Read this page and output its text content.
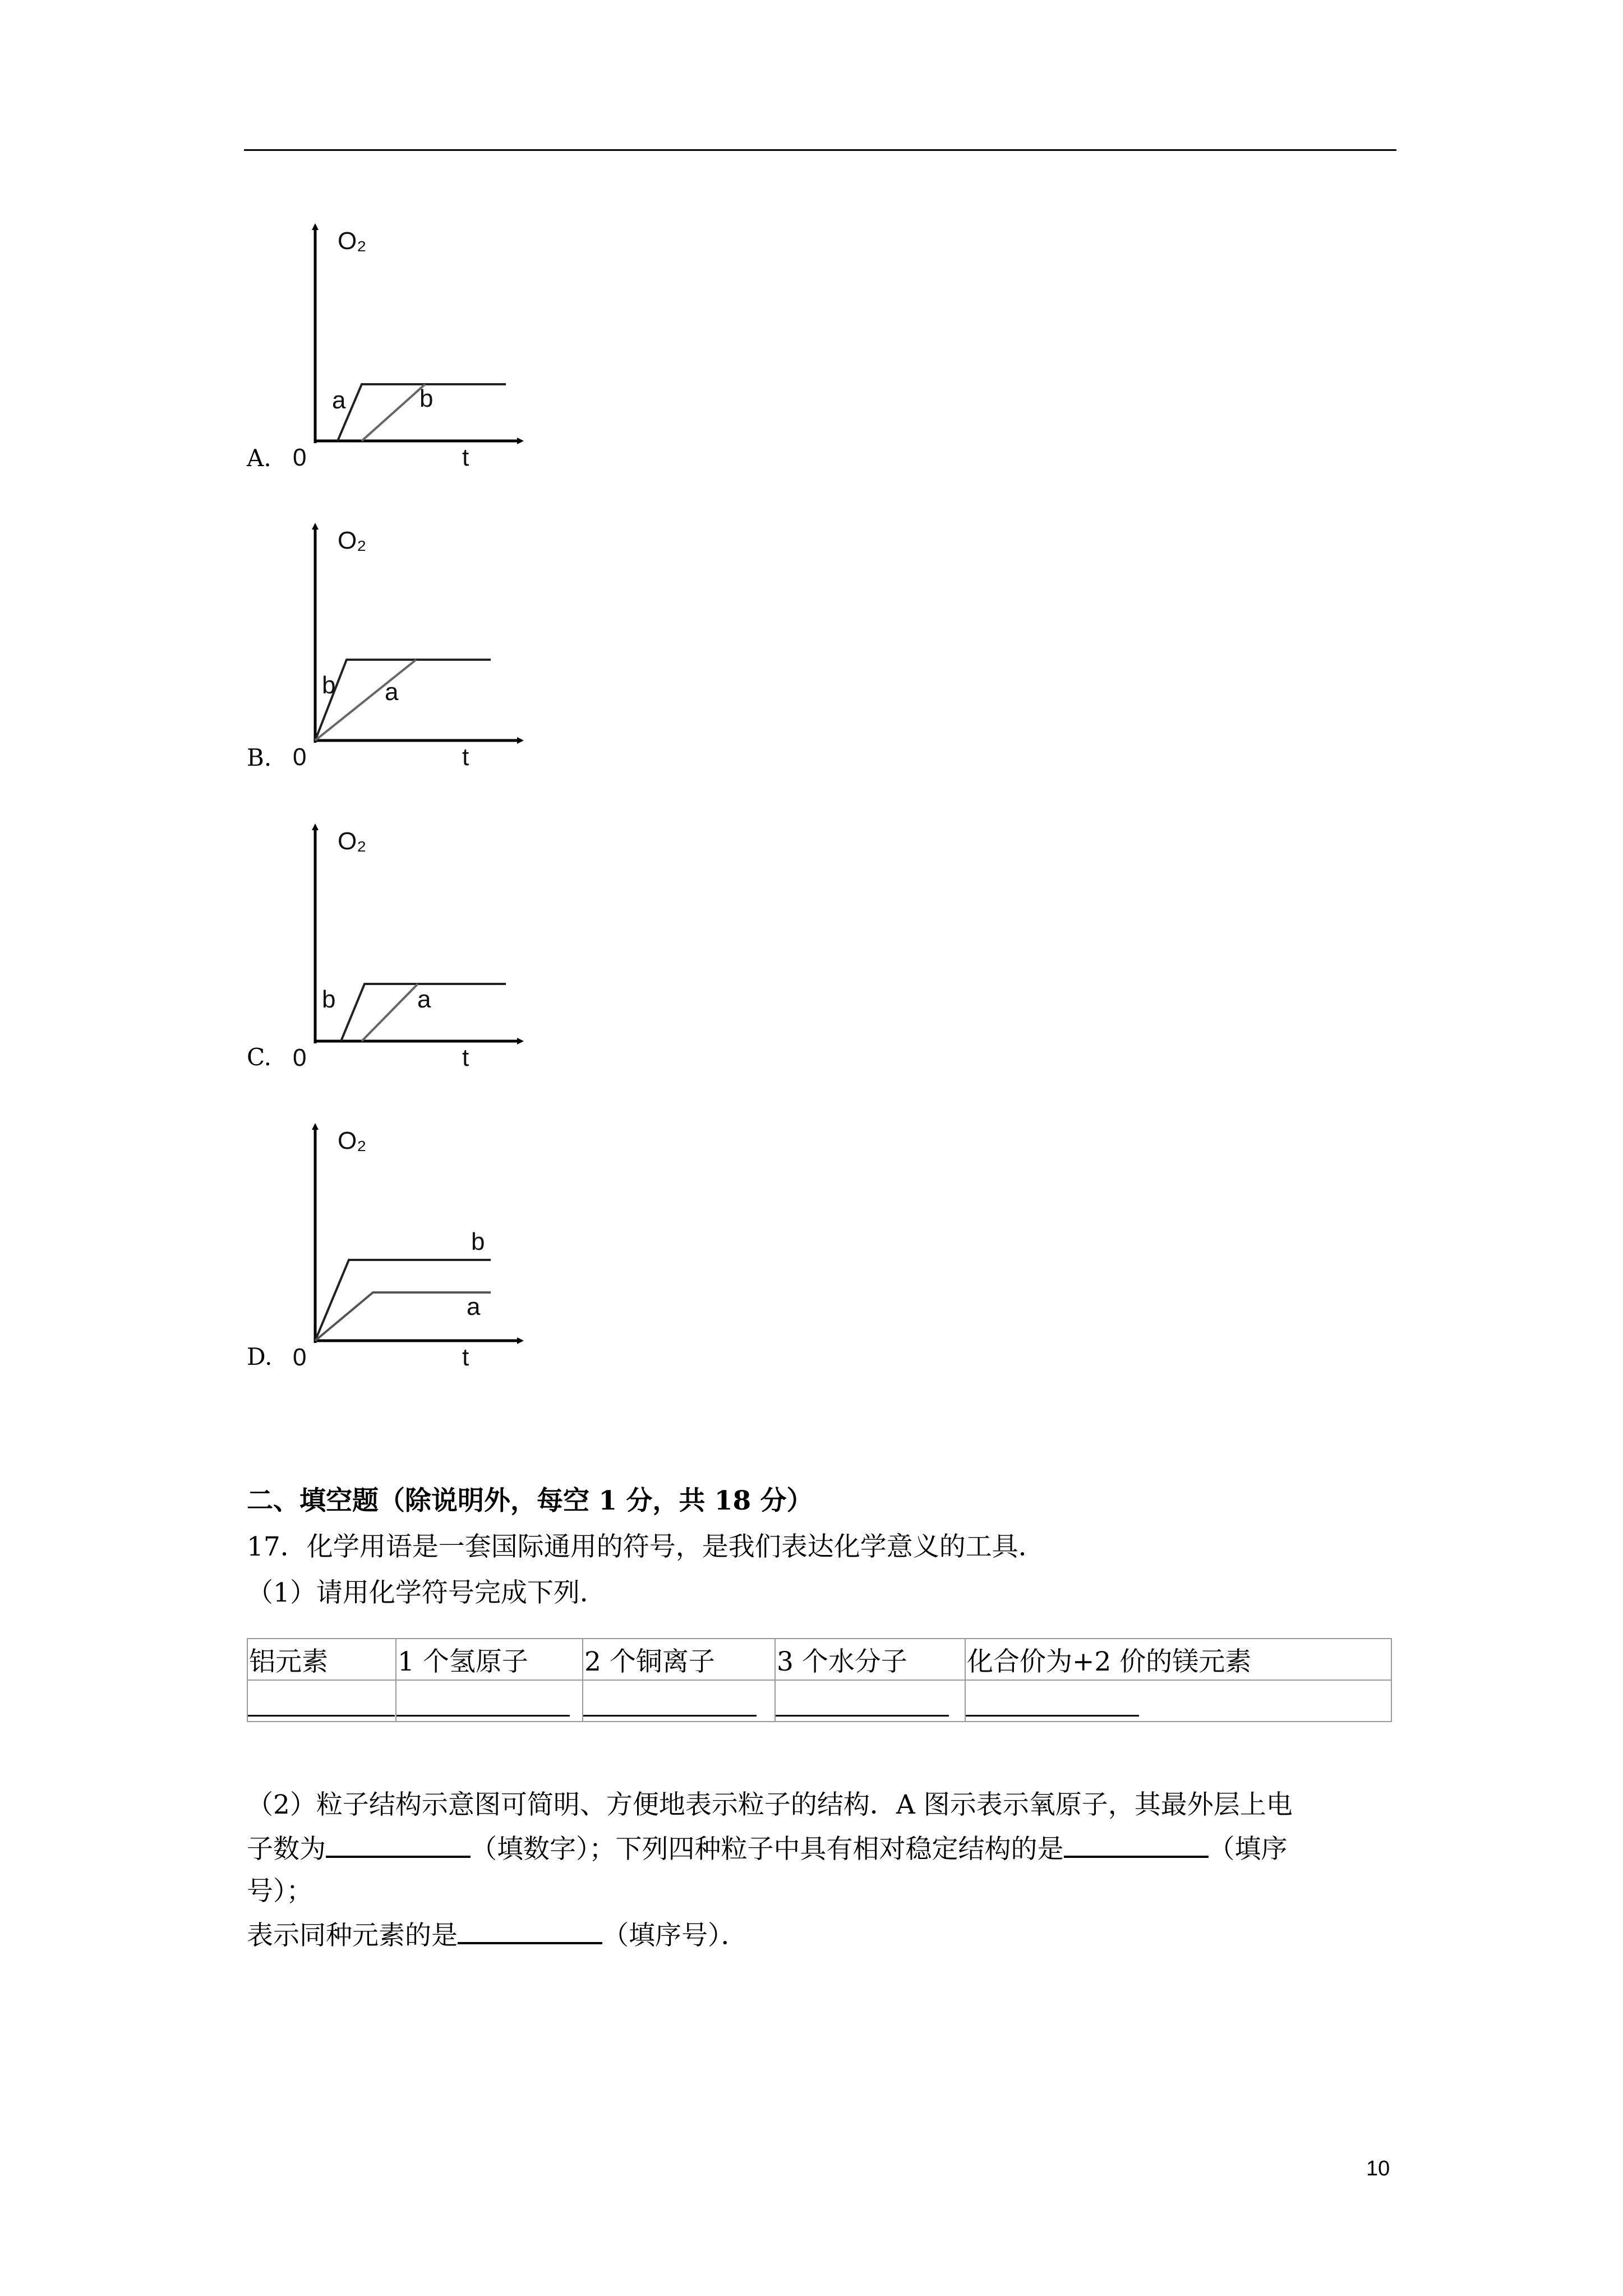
A.
O₂
t
0
a	b
B.
O₂
t
0
b a
C.
O₂
t
0
b	a
D.
O₂
t
0
b
a
二、填空题（除说明外，每空 1 分，共 18 分）
17．化学用语是一套国际通用的符号，是我们表达化学意义的工具．
（1）请用化学符号完成下列．
铝元素	1 个氢原子	2 个铜离子	3 个水分子	化合价为+2 价的镁元素

（2）粒子结构示意图可简明、方便地表示粒子的结构．A 图示表示氧原子，其最外层上电
子数为	（填数字）；下列四种粒子中具有相对稳定结构的是	（填序
号）；
表示同种元素的是	（填序号）．
10
